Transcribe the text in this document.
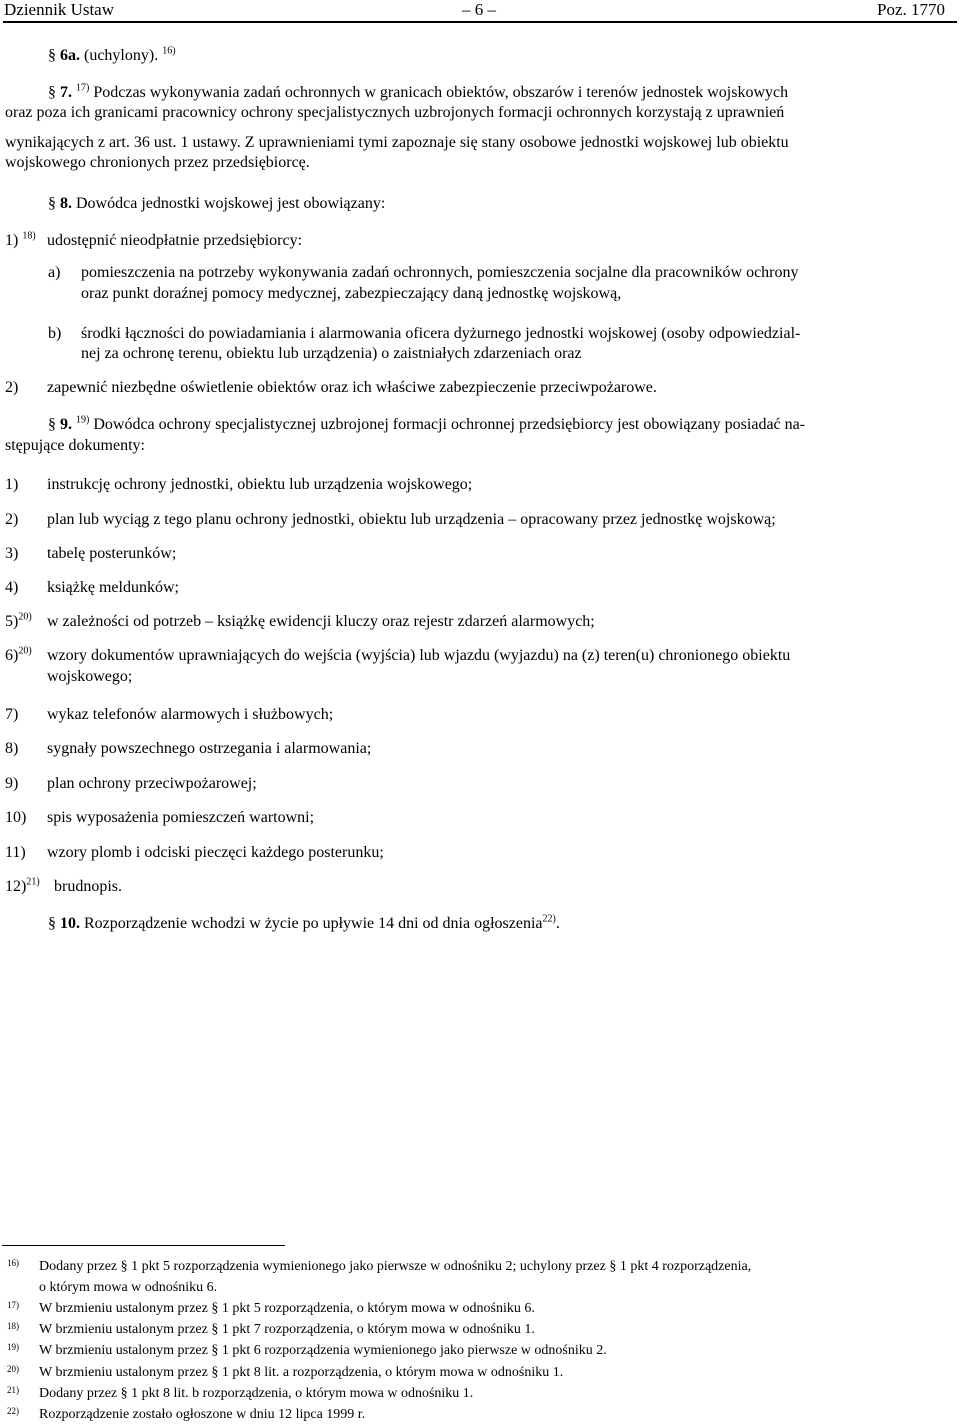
Dziennik Ustaw	– 6 –	Poz. 1770
§ 6a. (uchylony). $^{16)}$
§ 7. $^{17)}$ Podczas wykonywania zadań ochronnych w granicach obiektów, obszarów i terenów jednostek wojskowych
oraz poza ich granicami pracownicy ochrony specjalistycznych uzbrojonych formacji ochronnych korzystają z uprawnień
wynikających z art. 36 ust. 1 ustawy. Z uprawnieniami tymi zapoznaje się stany osobowe jednostki wojskowej lub obiektu
wojskowego chronionych przez przedsiębiorcę.
§ 8. Dowódca jednostki wojskowej jest obowiązany:
1) $^{18)}$ udostępnić nieodpłatnie przedsiębiorcy:
a) pomieszczenia na potrzeby wykonywania zadań ochronnych, pomieszczenia socjalne dla pracowników ochrony
oraz punkt doraźnej pomocy medycznej, zabezpieczający daną jednostkę wojskową,
b) środki łączności do powiadamiania i alarmowania oficera dyżurnego jednostki wojskowej (osoby odpowiedzial-
nej za ochronę terenu, obiektu lub urządzenia) o zaistniałych zdarzeniach oraz
2) zapewnić niezbędne oświetlenie obiektów oraz ich właściwe zabezpieczenie przeciwpożarowe.
§ 9. $^{19)}$ Dowódca ochrony specjalistycznej uzbrojonej formacji ochronnej przedsiębiorcy jest obowiązany posiadać na-
stępujące dokumenty:
1) instrukcję ochrony jednostki, obiektu lub urządzenia wojskowego;
2) plan lub wyciąg z tego planu ochrony jednostki, obiektu lub urządzenia – opracowany przez jednostkę wojskową;
3) tabelę posterunków;
4) książkę meldunków;
5)$^{20)}$ w zależności od potrzeb – książkę ewidencji kluczy oraz rejestr zdarzeń alarmowych;
6)$^{20)}$ wzory dokumentów uprawniających do wejścia (wyjścia) lub wjazdu (wyjazdu) na (z) teren(u) chronionego obiektu
wojskowego;
7) wykaz telefonów alarmowych i służbowych;
8) sygnały powszechnego ostrzegania i alarmowania;
9) plan ochrony przeciwpożarowej;
10) spis wyposażenia pomieszczeń wartowni;
11) wzory plomb i odciski pieczęci każdego posterunku;
12)$^{21)}$ brudnopis.
§ 10. Rozporządzenie wchodzi w życie po upływie 14 dni od dnia ogłoszenia$^{22)}$.
16) Dodany przez § 1 pkt 5 rozporządzenia wymienionego jako pierwsze w odnośniku 2; uchylony przez § 1 pkt 4 rozporządzenia,
o którym mowa w odnośniku 6.
17) W brzmieniu ustalonym przez § 1 pkt 5 rozporządzenia, o którym mowa w odnośniku 6.
18) W brzmieniu ustalonym przez § 1 pkt 7 rozporządzenia, o którym mowa w odnośniku 1.
19) W brzmieniu ustalonym przez § 1 pkt 6 rozporządzenia wymienionego jako pierwsze w odnośniku 2.
20) W brzmieniu ustalonym przez § 1 pkt 8 lit. a rozporządzenia, o którym mowa w odnośniku 1.
21) Dodany przez § 1 pkt 8 lit. b rozporządzenia, o którym mowa w odnośniku 1.
22) Rozporządzenie zostało ogłoszone w dniu 12 lipca 1999 r.
